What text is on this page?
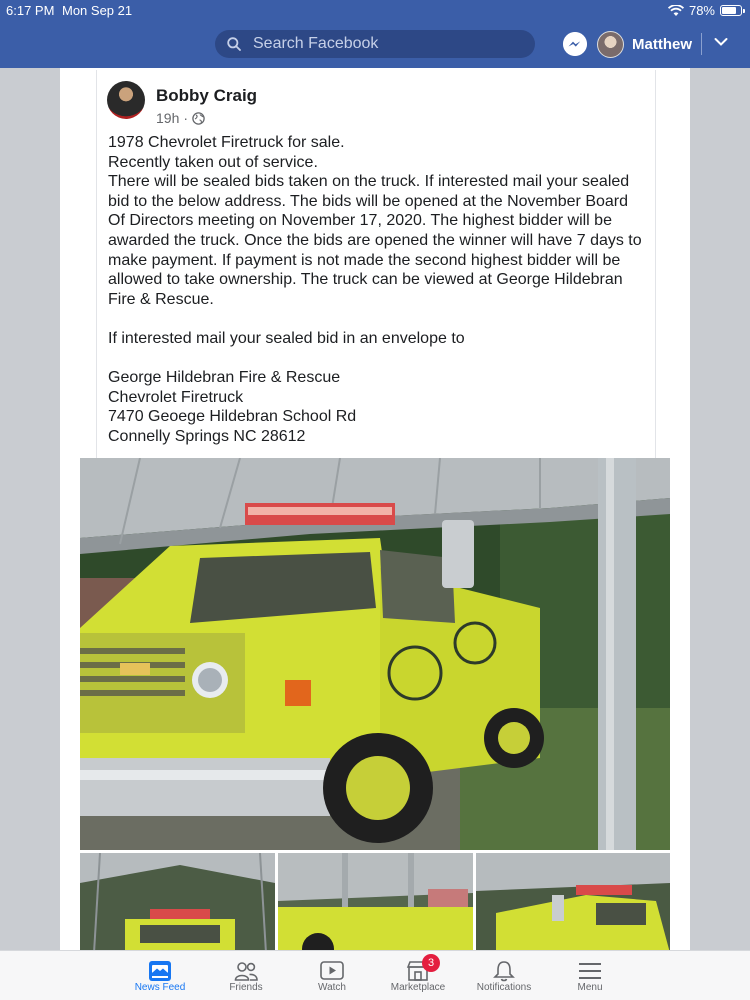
6:17 PM Mon Sep 21	78%
Search Facebook
Matthew
Bobby Craig
19h ·

1978 Chevrolet Firetruck for sale.

Recently taken out of service.

There will be sealed bids taken on the truck. If interested mail your sealed bid to the below address. The bids will be opened at the November Board Of Directors meeting on November 17, 2020. The highest bidder will be awarded the truck. Once the bids are opened the winner will have 7 days to make payment. If payment is not made the second highest bidder will be allowed to take ownership. The truck can be viewed at George Hildebran Fire & Rescue.

If interested mail your sealed bid in an envelope to

George Hildebran Fire & Rescue

Chevrolet Firetruck

7470 Geoege Hildebran School Rd

Connelly Springs NC 28612

News Feed	Friends	Watch
3
Marketplace	Notifications	Menu
